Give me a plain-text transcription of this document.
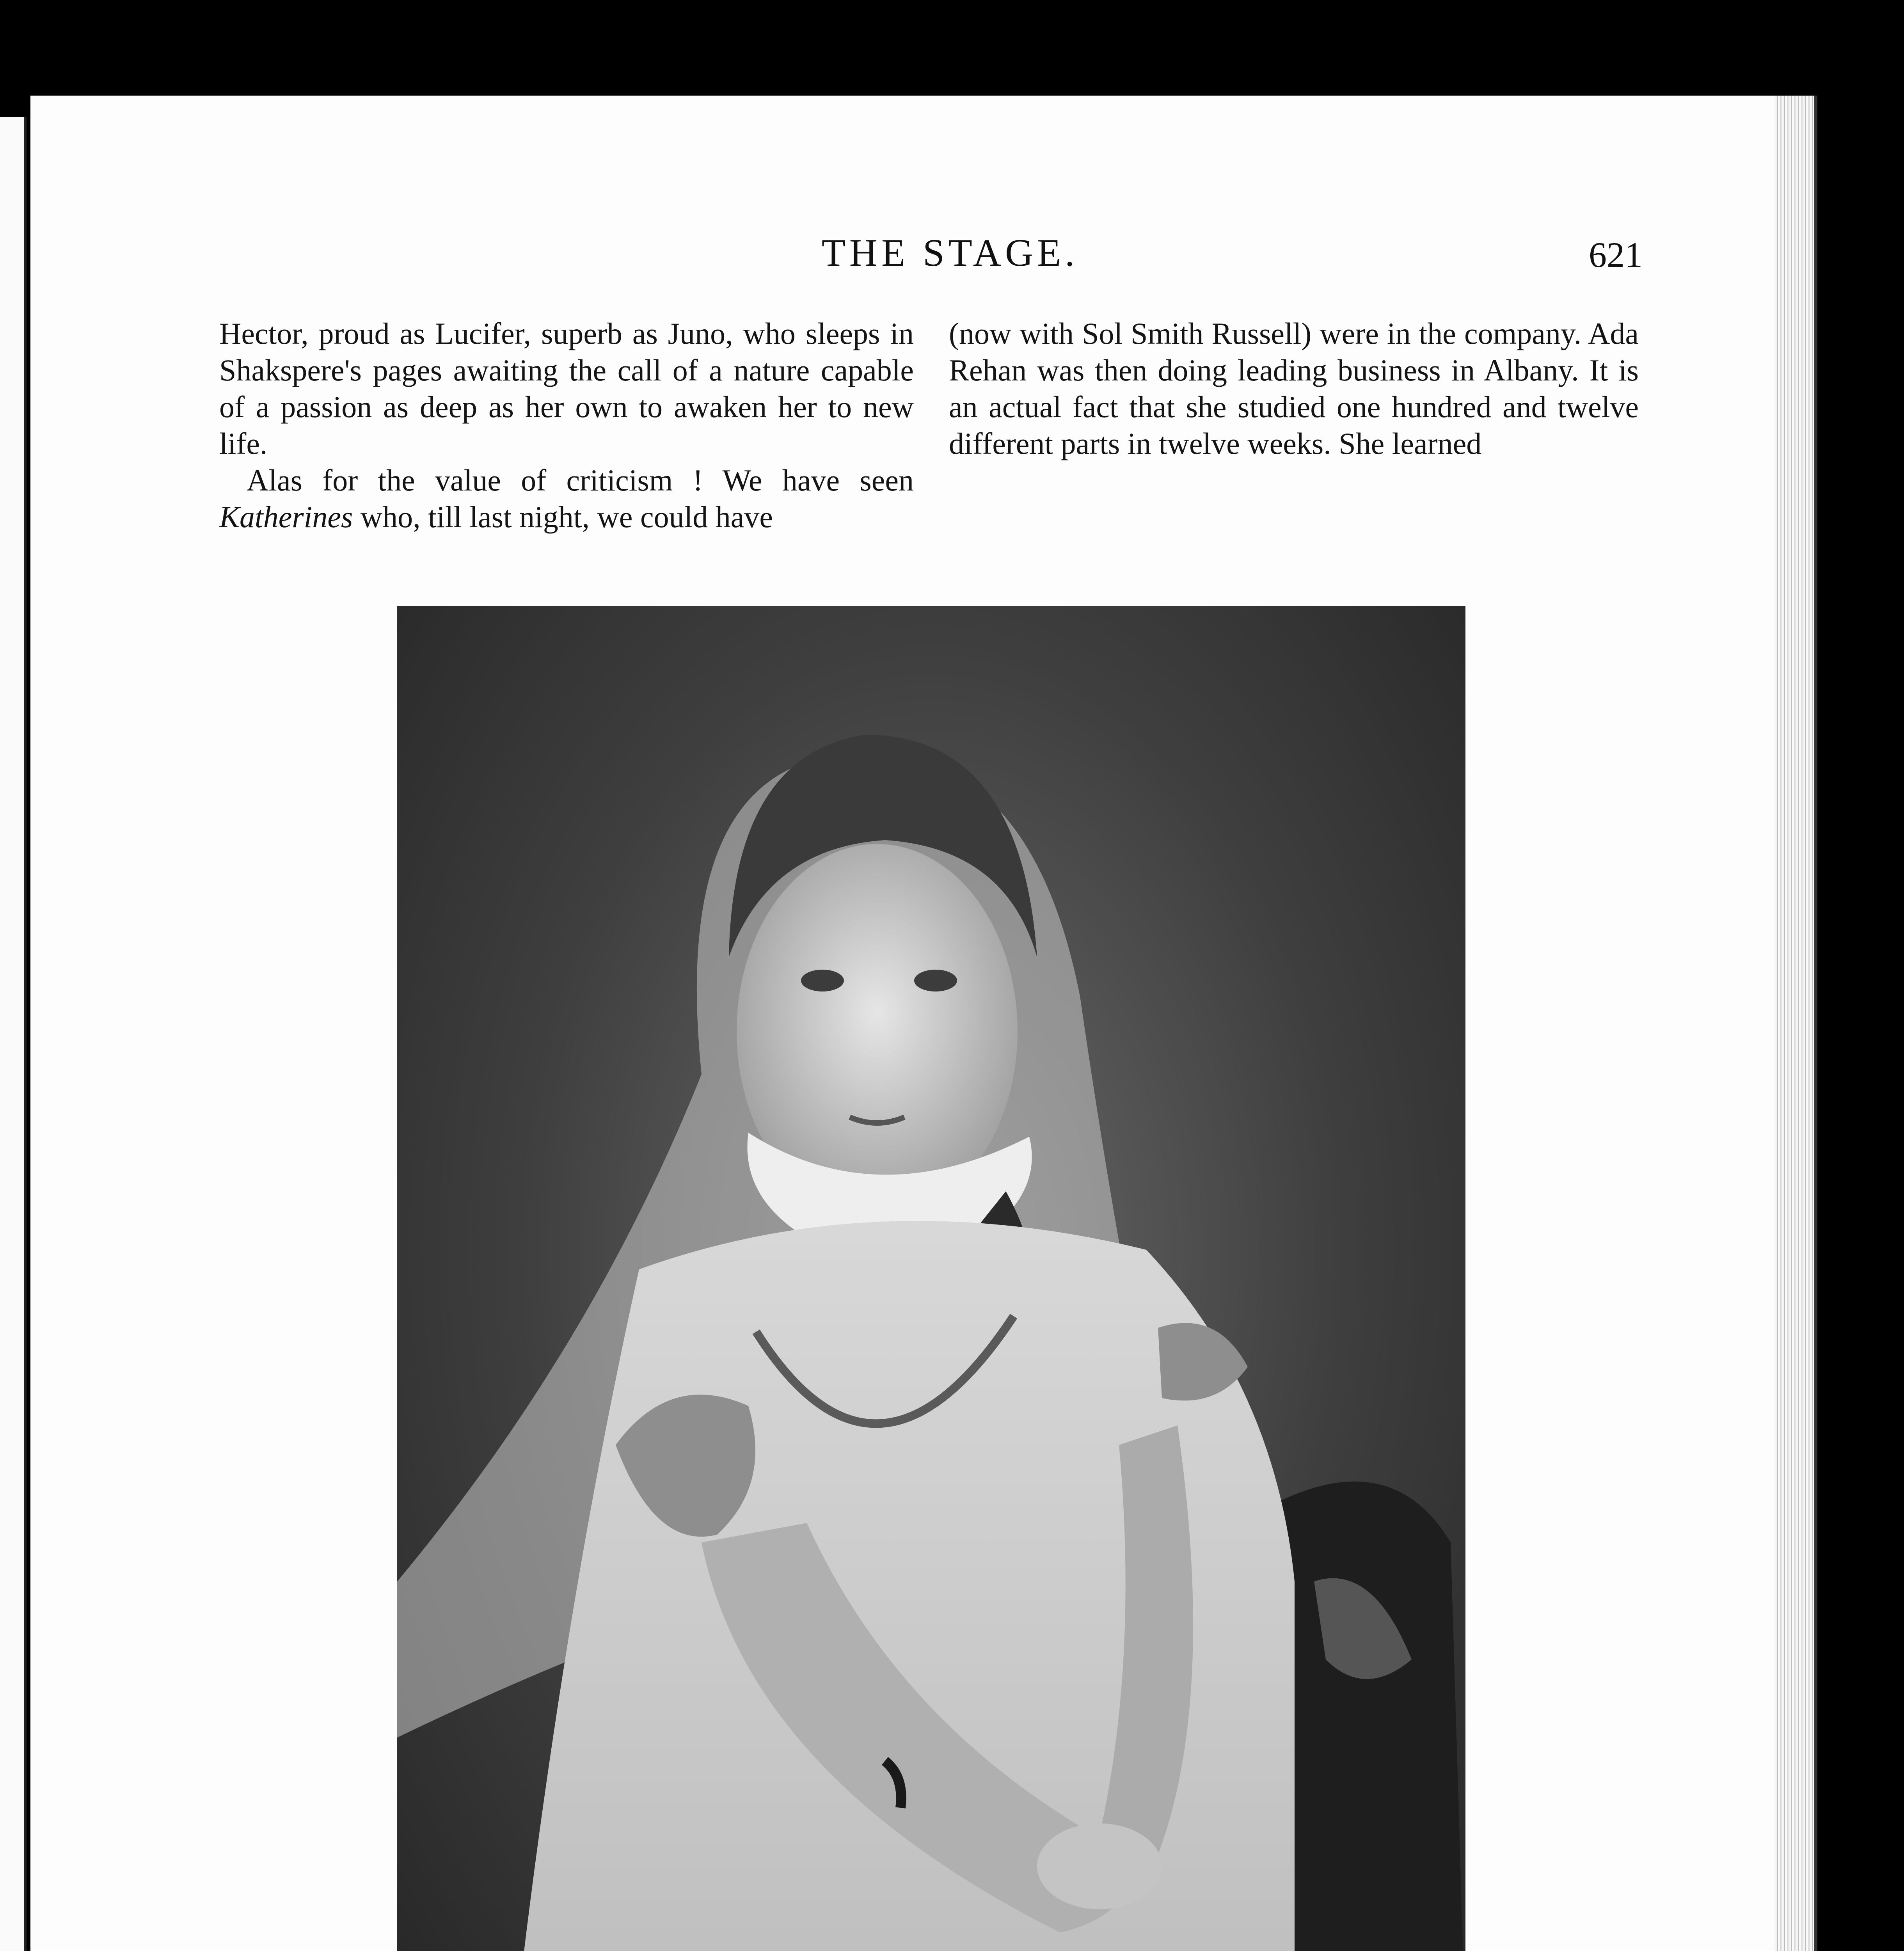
THE STAGE.	621

Hector, proud as Lucifer, superb as Juno, who sleeps in Shakspere's pages awaiting the call of a nature capable of a passion as deep as her own to awaken her to new life.

Alas for the value of criticism ! We have seen Katherines who, till last night, we could have

(now with Sol Smith Russell) were in the company. Ada Rehan was then doing leading business in Albany. It is an actual fact that she studied one hundred and twelve different parts in twelve weeks. She learned
